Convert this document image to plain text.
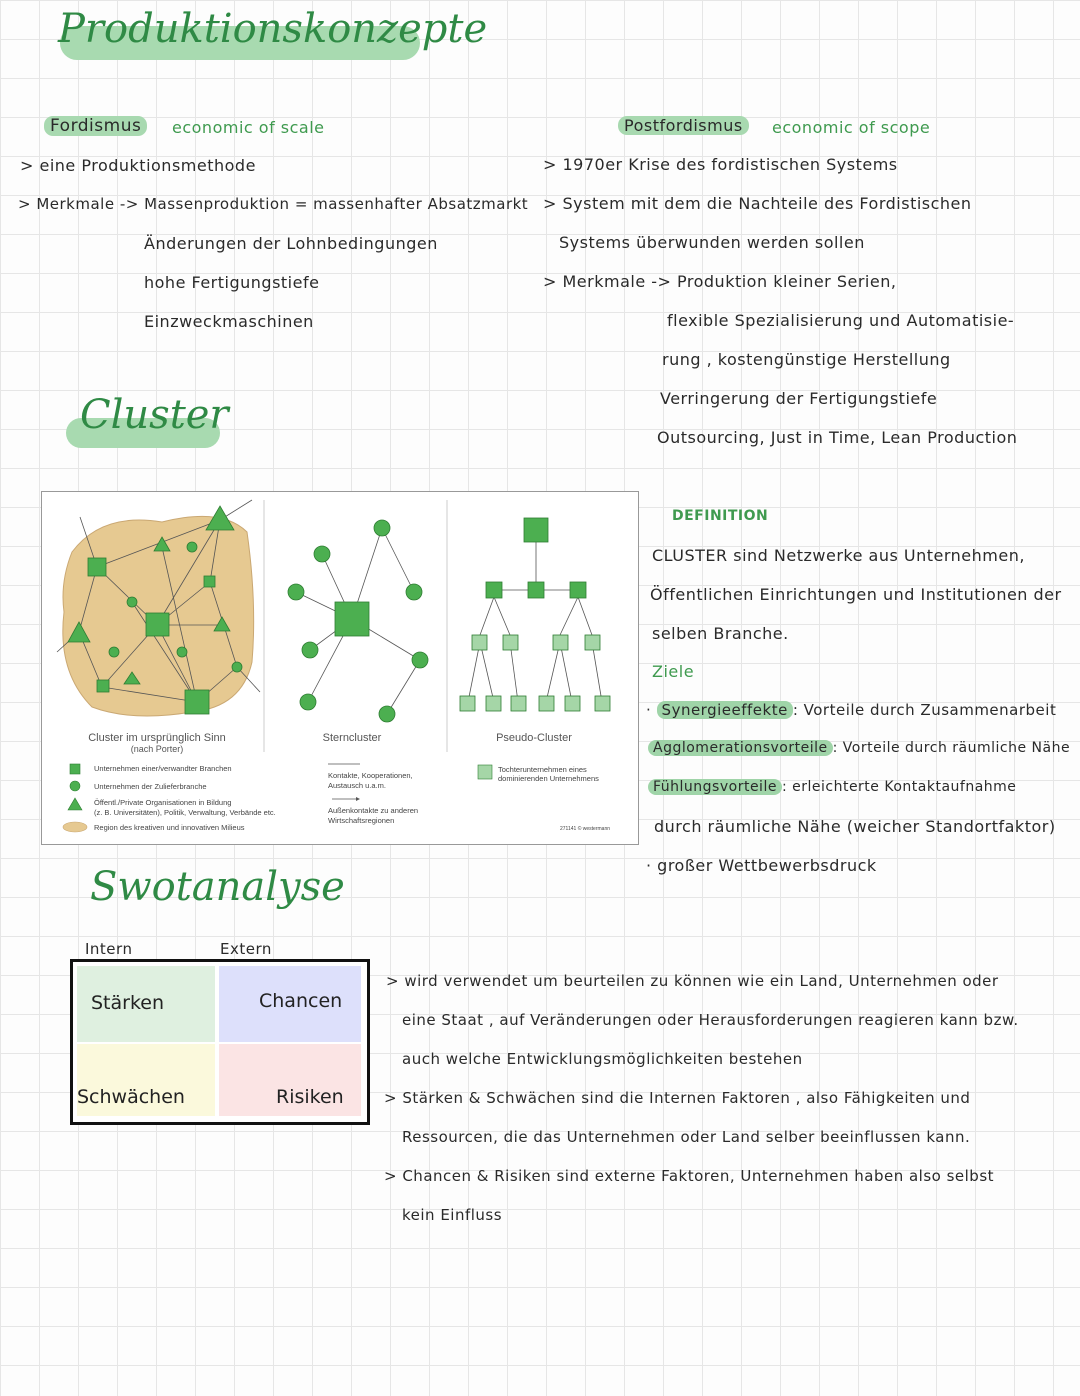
Produktionskonzepte
Fordismus	economic of scale
> eine Produktionsmethode
> Merkmale -> Massenproduktion = massenhafter Absatzmarkt
Änderungen der Lohnbedingungen
hohe Fertigungstiefe
Einzweckmaschinen
Postfordismus	economic of scope
> 1970er Krise des fordistischen Systems
> System mit dem die Nachteile des Fordistischen
Systems überwunden werden sollen
> Merkmale -> Produktion kleiner Serien,
flexible Spezialisierung und Automatisie-
rung , kostengünstige Herstellung
Verringerung der Fertigungstiefe
Outsourcing, Just in Time, Lean Production
Cluster
Cluster im ursprünglich Sinn
(nach Porter)
Sterncluster	Pseudo-Cluster
Unternehmen einer/verwandter Branchen
Unternehmen der Zulieferbranche
Öffentl./Private Organisationen in Bildung
(z. B. Universitäten), Politik, Verwaltung, Verbände etc.
Region des kreativen und innovativen Milieus
Kontakte, Kooperationen,
Austausch u.a.m.
Außenkontakte zu anderen
Wirtschaftsregionen
Tochterunternehmen eines
dominierenden Unternehmens
271141 © westermann
DEFINITION
CLUSTER sind Netzwerke aus Unternehmen,
Öffentlichen Einrichtungen und Institutionen der
selben Branche.
Ziele
· Synergieeffekte : Vorteile durch Zusammenarbeit
Agglomerationsvorteile : Vorteile durch räumliche Nähe
Fühlungsvorteile : erleichterte Kontaktaufnahme
durch räumliche Nähe (weicher Standortfaktor)
· großer Wettbewerbsdruck
Swotanalyse
Intern	Extern
Stärken	Chancen
Schwächen	Risiken
> wird verwendet um beurteilen zu können wie ein Land, Unternehmen oder
eine Staat , auf Veränderungen oder Herausforderungen reagieren kann bzw.
auch welche Entwicklungsmöglichkeiten bestehen
> Stärken & Schwächen sind die Internen Faktoren , also Fähigkeiten und
Ressourcen, die das Unternehmen oder Land selber beeinflussen kann.
> Chancen & Risiken sind externe Faktoren, Unternehmen haben also selbst
kein Einfluss
